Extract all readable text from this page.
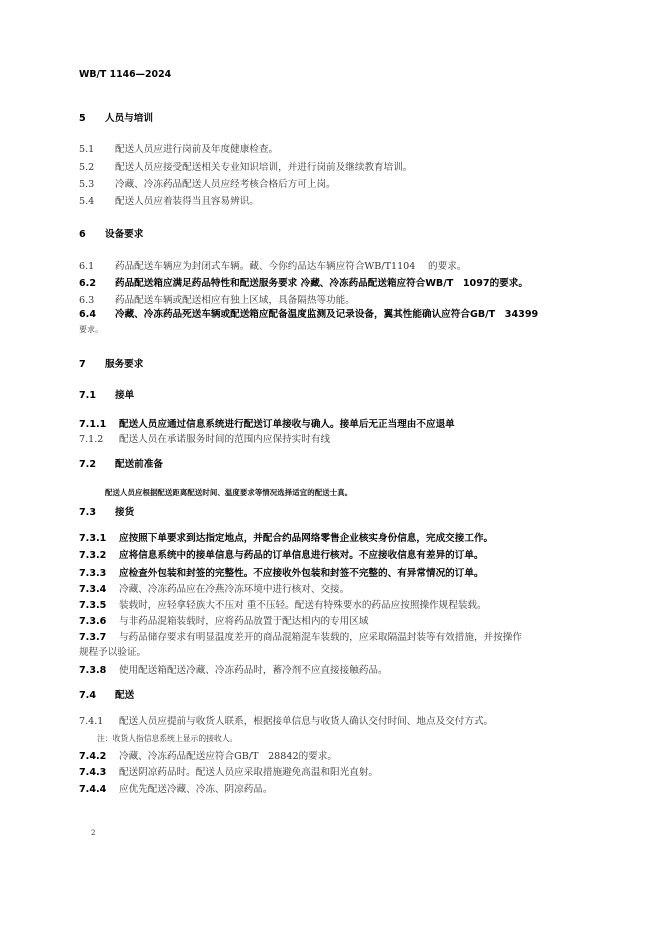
WB/T 1146—2024
5 人员与培训
5.1 配送人员应进行岗前及年度健康检查。
5.2 配送人员应接受配送相关专业知识培训，并进行岗前及继续教育培训。
5.3 冷藏、冷冻药品配送人员应经考核合格后方可上岗。
5.4 配送人员应着装得当且容易辨识。
6 设备要求
6.1 药品配送车辆应为封闭式车辆。藏、今你约品达车辆应符合WB/T1104　 的要求。
6.2 药品配送箱应满足药品特性和配送服务要求 冷藏、冷冻药品配送箱应符合WB/T　1097的要求。
6.3 药品配送车辆或配送相应有独上区域，具备隔热等功能。
6.4 冷藏、冷冻药品死送车辆或配送箱应配备温度监测及记录设备，翼其性能确认应符合GB/T　34399
要求。
7 服务要求
7.1 接单
7.1.1 配送人员应通过信息系统进行配送订单接收与确人。接单后无正当理由不应退单
7.1.2 配送人员在承诺服务时间的范围内应保持实时有线
7.2 配送前准备
配送人员应根据配送距离配送时间、温度要求等情况选择适宜的配送士真。
7.3 接货
7.3.1 应按照下单要求到达指定地点，并配合约品网络零售企业核实身份信息，完成交接工作。
7.3.2 应将信息系统中的接单信息与药品的订单信息进行核对。不应接收信息有差异的订单。
7.3.3 应检查外包装和封签的完整性。不应接收外包装和封签不完整的、有异常情况的订单。
7.3.4 冷藏、冷冻药品应在冷燕冷冻环境中进行核对、交接。
7.3.5 装载时，应轻拿轻族大不压对 重不压轻。配送有特殊要水的药品应按照操作规程装载。
7.3.6 与非药品混箱装载时，应将药品放置于配达相内的专用区域
7.3.7 与药品储存要求有明显温度差开的商品混箱混车装载的，应采取隔温封装等有效措施，并按操作
规程予以验证。
7.3.8 使用配送箱配送冷藏、冷冻药品时，蓄冷剂不应直接接触药品。
7.4 配送
7.4.1 配送人员应提前与收货人联系，根据接单信息与收货人确认交付时间、地点及交付方式。
注：收货人指信息系统上显示的接收人。
7.4.2 冷藏、冷冻药品配送应符合GB/T　28842的要求。
7.4.3 配送阴凉药品时。配送人员应采取措施避免高温和阳光直射。
7.4.4 应优先配送冷藏、冷冻、阴凉药品。
2
